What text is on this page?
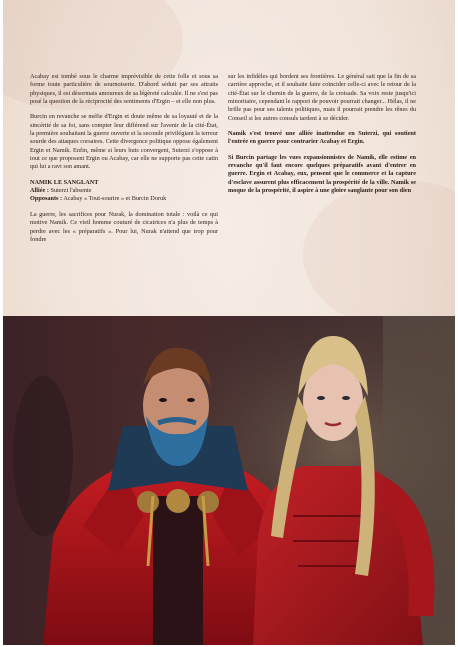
Acabay est tombé sous le charme imprévisible de cette folle et sous sa forme toute particulière de sournoiserie. D'abord séduit par ses attraits physiques, il est désormais amoureux de sa légèreté calculée. Il ne s'est pas posé la question de la réciprocité des sentiments d'Ergin – et elle non plus.

Burcin en revanche se méfie d'Ergin et doute même de sa loyauté et de la sincérité de sa foi, sans compter leur différend sur l'avenir de la cité-État, la première souhaitant la guerre ouverte et la seconde privilégiant la terreur sourde des attaques corsaires. Cette divergence politique oppose également Ergin et Namik. Enfin, même si leurs buts convergent, Suterzi s'oppose à tout ce que proposent Ergin ou Acabay, car elle ne supporte pas cette catin qui lui a ravi son amant.

NAMIK LE SANGLANT

Alliée : Suterzi l'absente

Opposants : Acabay « Tout-sourire » et Burcin Doruk

La guerre, les sacrifices pour Nurak, la domination totale : voilà ce qui motive Namik. Ce vieil homme couturé de cicatrices n'a plus de temps à perdre avec les « préparatifs ». Pour lui, Nurak n'attend que trop pour fondre

sur les infidèles qui bordent ses frontières. Le général sait que la fin de sa carrière approche, et il souhaite faire coïncider celle-ci avec le retour de la cité-État sur le chemin de la guerre, de la croisade. Sa voix reste jusqu'ici minoritaire, cependant le rapport de pouvoir pourrait changer... Hélas, il ne brille pas pour ses talents politiques, mais il pourrait prendre les rênes du Conseil si les autres consuls tardent à se décider.

Namik s'est trouvé une alliée inattendue en Suterzi, qui soutient l'entrée en guerre pour contrarier Acabay et Ergin.

Si Burcin partage les vues expansionnistes de Namik, elle estime en revanche qu'il faut encore quelques préparatifs avant d'entrer en guerre. Ergin et Acabay, eux, pensent que le commerce et la capture d'esclave assurent plus efficacement la prospérité de la ville. Namik se moque de la prospérité, il aspire à une gloire sanglante pour son dieu
